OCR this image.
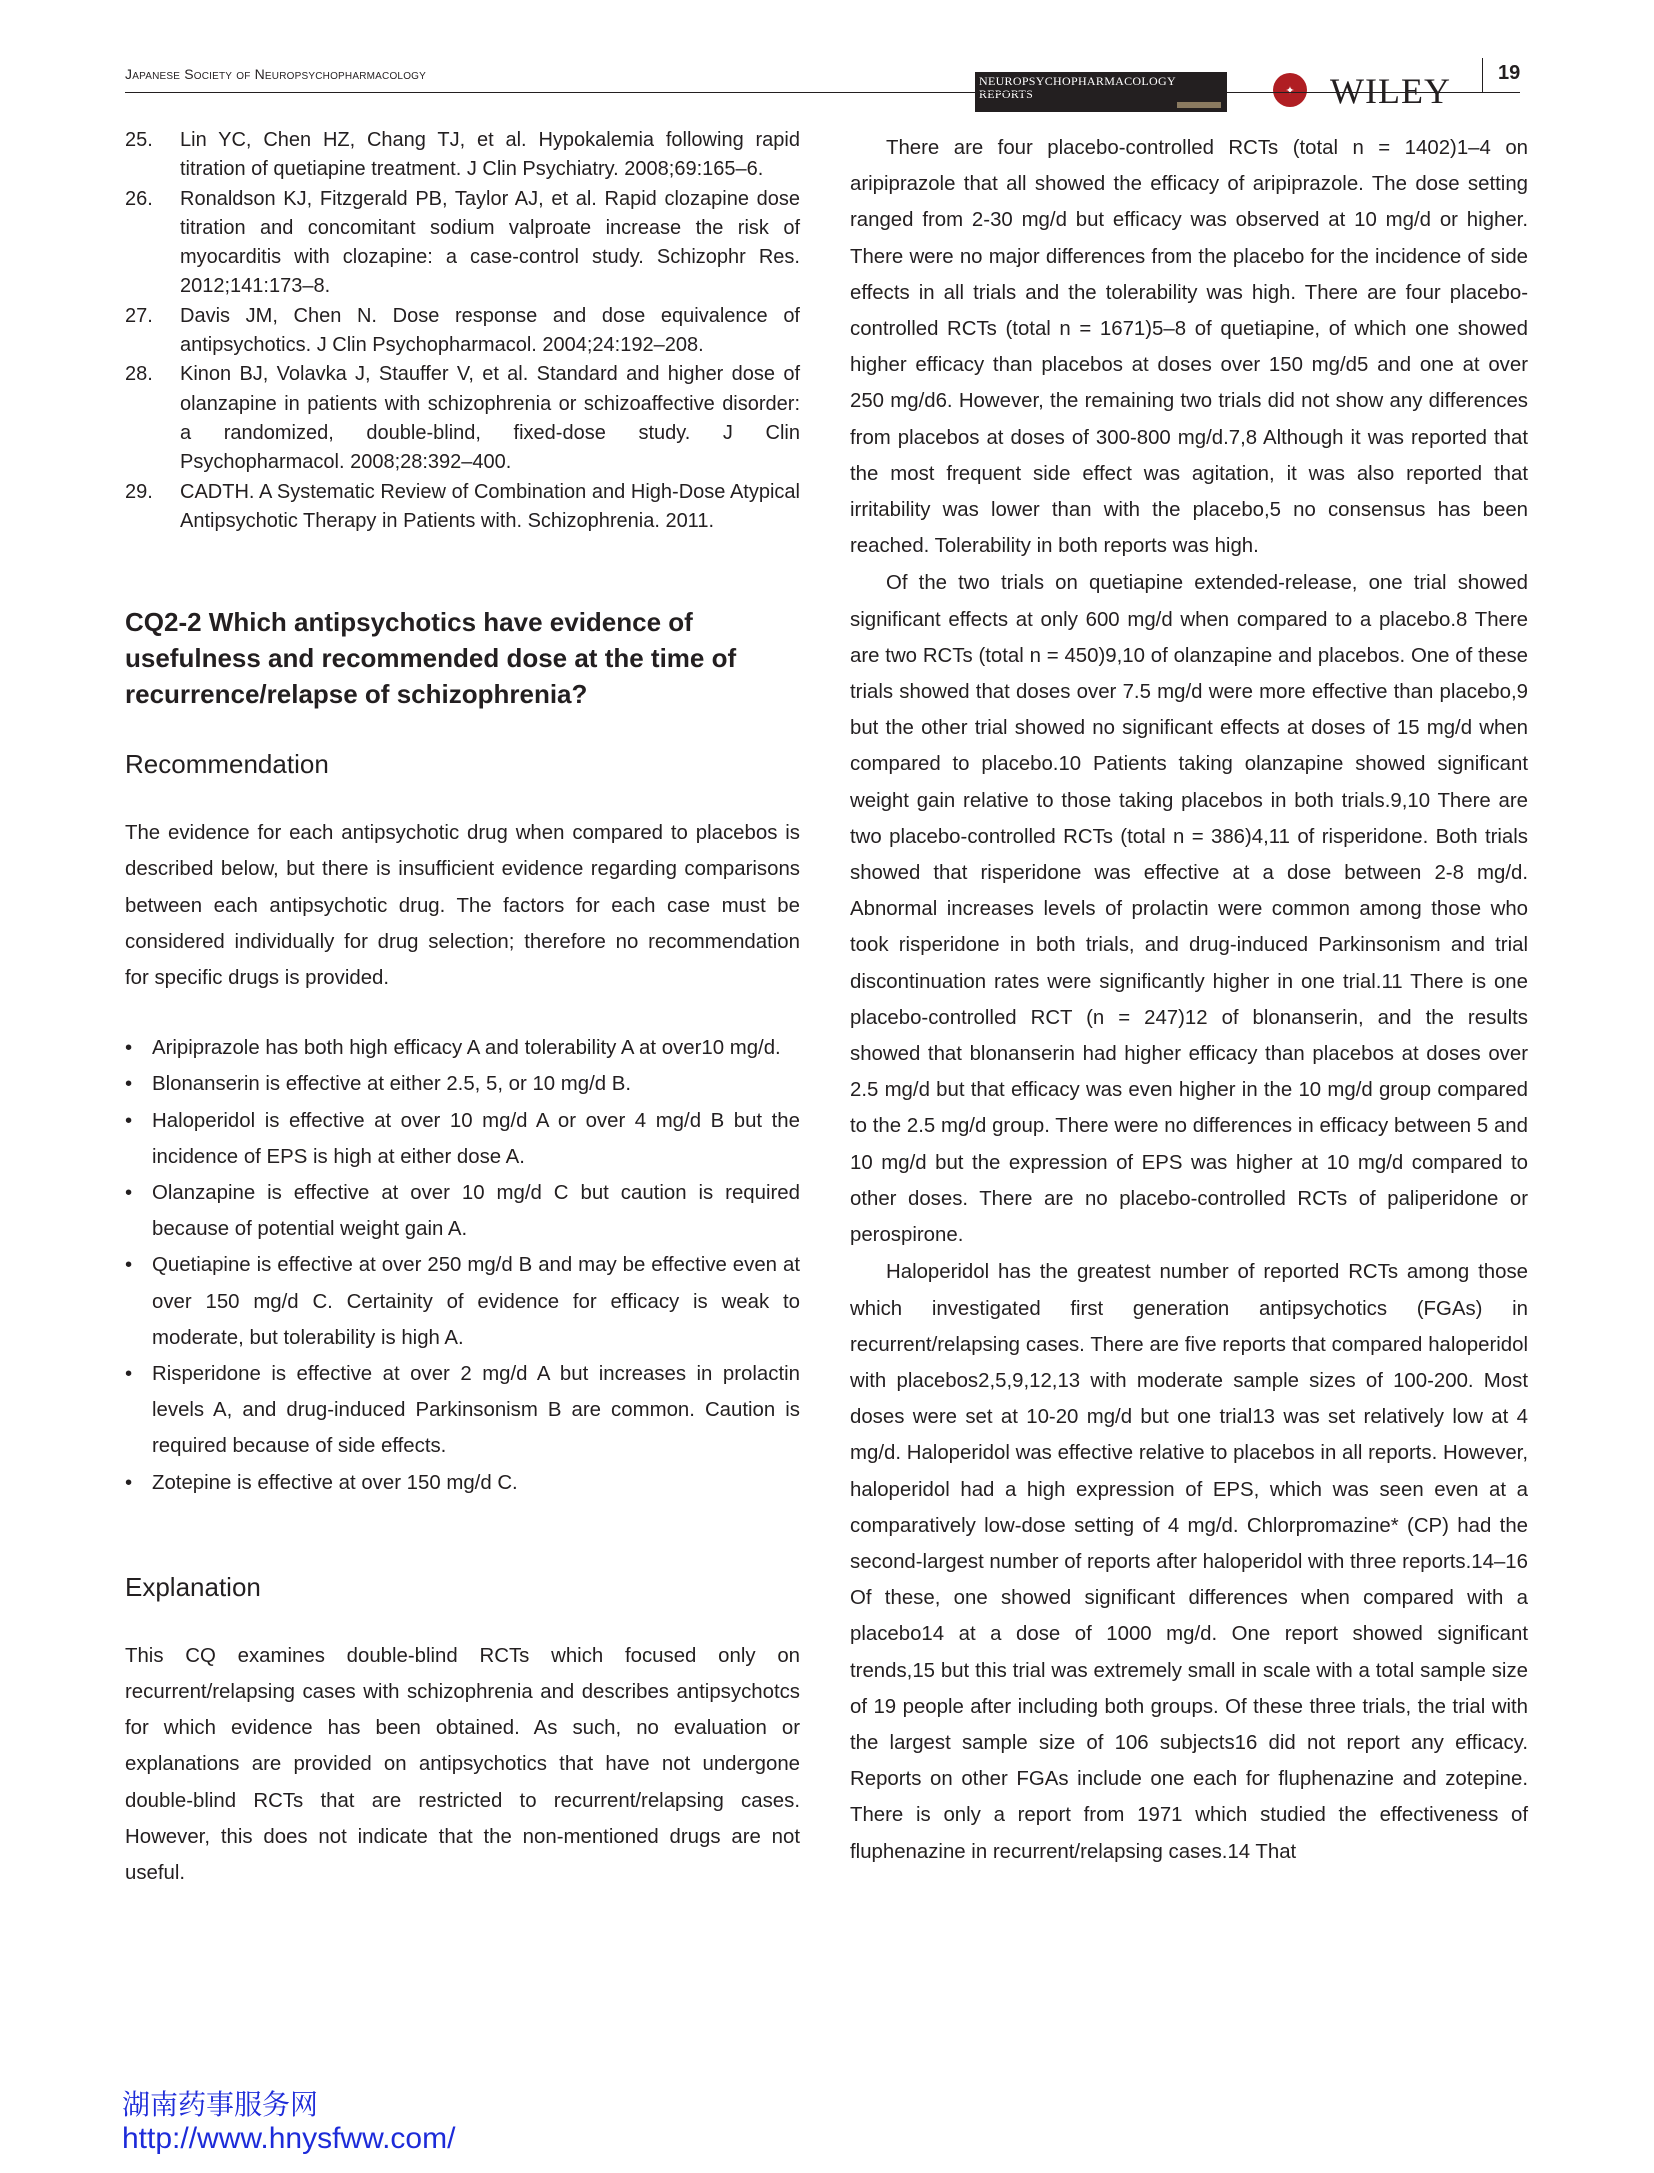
Japanese Society of Neuropsychopharmacology	NEUROPSYCHOPHARMACOLOGY REPORTS	✦ WILEY 19
25. Lin YC, Chen HZ, Chang TJ, et al. Hypokalemia following rapid titration of quetiapine treatment. J Clin Psychiatry. 2008;69:165–6.
26. Ronaldson KJ, Fitzgerald PB, Taylor AJ, et al. Rapid clozapine dose titration and concomitant sodium valproate increase the risk of myocarditis with clozapine: a case-control study. Schizophr Res. 2012;141:173–8.
27. Davis JM, Chen N. Dose response and dose equivalence of antipsychotics. J Clin Psychopharmacol. 2004;24:192–208.
28. Kinon BJ, Volavka J, Stauffer V, et al. Standard and higher dose of olanzapine in patients with schizophrenia or schizoaffective disorder: a randomized, double-blind, fixed-dose study. J Clin Psychopharmacol. 2008;28:392–400.
29. CADTH. A Systematic Review of Combination and High-Dose Atypical Antipsychotic Therapy in Patients with. Schizophrenia. 2011.
CQ2-2 Which antipsychotics have evidence of usefulness and recommended dose at the time of recurrence/relapse of schizophrenia?
Recommendation

The evidence for each antipsychotic drug when compared to placebos is described below, but there is insufficient evidence regarding comparisons between each antipsychotic drug. The factors for each case must be considered individually for drug selection; therefore no recommendation for specific drugs is provided.

• Aripiprazole has both high efficacy A and tolerability A at over10 mg/d.
• Blonanserin is effective at either 2.5, 5, or 10 mg/d B.
• Haloperidol is effective at over 10 mg/d A or over 4 mg/d B but the incidence of EPS is high at either dose A.
• Olanzapine is effective at over 10 mg/d C but caution is required because of potential weight gain A.
• Quetiapine is effective at over 250 mg/d B and may be effective even at over 150 mg/d C. Certainity of evidence for efficacy is weak to moderate, but tolerability is high A.
• Risperidone is effective at over 2 mg/d A but increases in prolactin levels A, and drug-induced Parkinsonism B are common. Caution is required because of side effects.
• Zotepine is effective at over 150 mg/d C.
Explanation

This CQ examines double-blind RCTs which focused only on recurrent/relapsing cases with schizophrenia and describes antipsychotcs for which evidence has been obtained. As such, no evaluation or explanations are provided on antipsychotics that have not undergone double-blind RCTs that are restricted to recurrent/relapsing cases. However, this does not indicate that the non-mentioned drugs are not useful.

There are four placebo-controlled RCTs (total n = 1402)1–4 on aripiprazole that all showed the efficacy of aripiprazole. The dose setting ranged from 2-30 mg/d but efficacy was observed at 10 mg/d or higher. There were no major differences from the placebo for the incidence of side effects in all trials and the tolerability was high. There are four placebo-controlled RCTs (total n = 1671)5–8 of quetiapine, of which one showed higher efficacy than placebos at doses over 150 mg/d5 and one at over 250 mg/d6. However, the remaining two trials did not show any differences from placebos at doses of 300-800 mg/d.7,8 Although it was reported that the most frequent side effect was agitation, it was also reported that irritability was lower than with the placebo,5 no consensus has been reached. Tolerability in both reports was high.

Of the two trials on quetiapine extended-release, one trial showed significant effects at only 600 mg/d when compared to a placebo.8 There are two RCTs (total n = 450)9,10 of olanzapine and placebos. One of these trials showed that doses over 7.5 mg/d were more effective than placebo,9 but the other trial showed no significant effects at doses of 15 mg/d when compared to placebo.10 Patients taking olanzapine showed significant weight gain relative to those taking placebos in both trials.9,10 There are two placebo-controlled RCTs (total n = 386)4,11 of risperidone. Both trials showed that risperidone was effective at a dose between 2-8 mg/d. Abnormal increases levels of prolactin were common among those who took risperidone in both trials, and drug-induced Parkinsonism and trial discontinuation rates were significantly higher in one trial.11 There is one placebo-controlled RCT (n = 247)12 of blonanserin, and the results showed that blonanserin had higher efficacy than placebos at doses over 2.5 mg/d but that efficacy was even higher in the 10 mg/d group compared to the 2.5 mg/d group. There were no differences in efficacy between 5 and 10 mg/d but the expression of EPS was higher at 10 mg/d compared to other doses. There are no placebo-controlled RCTs of paliperidone or perospirone.

Haloperidol has the greatest number of reported RCTs among those which investigated first generation antipsychotics (FGAs) in recurrent/relapsing cases. There are five reports that compared haloperidol with placebos2,5,9,12,13 with moderate sample sizes of 100-200. Most doses were set at 10-20 mg/d but one trial13 was set relatively low at 4 mg/d. Haloperidol was effective relative to placebos in all reports. However, haloperidol had a high expression of EPS, which was seen even at a comparatively low-dose setting of 4 mg/d. Chlorpromazine* (CP) had the second-largest number of reports after haloperidol with three reports.14–16 Of these, one showed significant differences when compared with a placebo14 at a dose of 1000 mg/d. One report showed significant trends,15 but this trial was extremely small in scale with a total sample size of 19 people after including both groups. Of these three trials, the trial with the largest sample size of 106 subjects16 did not report any efficacy. Reports on other FGAs include one each for fluphenazine and zotepine. There is only a report from 1971 which studied the effectiveness of fluphenazine in recurrent/relapsing cases.14 That

湖南药事服务网
http://www.hnysfww.com/
